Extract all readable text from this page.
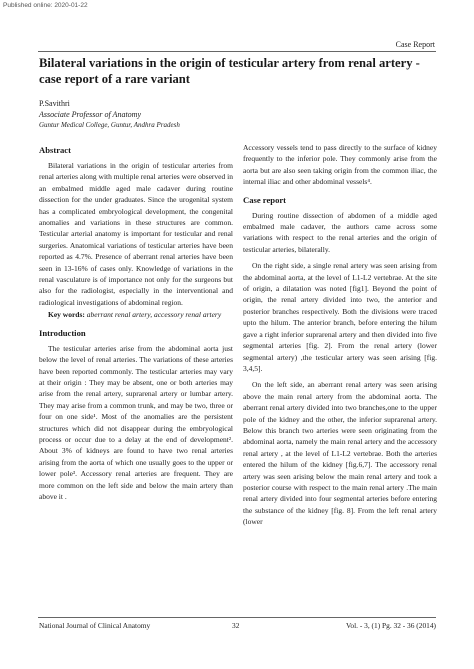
Published online: 2020-01-22
Case Report
Bilateral variations in the origin of testicular artery from renal artery - case report of a rare variant
P.Savithri
Associate Professor of Anatomy
Guntur Medical College, Guntur, Andhra Pradesh
Abstract

Bilateral variations in the origin of testicular arteries from renal arteries along with multiple renal arteries were observed in an embalmed middle aged male cadaver during routine dissection for the under graduates. Since the urogenital system has a complicated embryological development, the congenital anomalies and variations in these structures are common. Testicular arterial anatomy is important for testicular and renal surgeries. Anatomical variations of testicular arteries have been reported as 4.7%. Presence of aberrant renal arteries have been seen in 13-16% of cases only. Knowledge of variations in the renal vasculature is of importance not only for the surgeons but also for the radiologist, especially in the interventional and radiological investigations of abdominal region.

Key words: aberrant renal artery, accessory renal artery
Introduction

The testicular arteries arise from the abdominal aorta just below the level of renal arteries. The variations of these arteries have been reported commonly. The testicular arteries may vary at their origin : They may be absent, one or both arteries may arise from the renal artery, suprarenal artery or lumbar artery. They may arise from a common trunk, and may be two, three or four on one side¹. Most of the anomalies are the persistent structures which did not disappear during the embryological process or occur due to a delay at the end of development². About 3% of kidneys are found to have two renal arteries arising from the aorta of which one usually goes to the upper or lower pole³. Accessory renal arteries are frequent. They are more common on the left side and below the main artery than above it .

Accessory vessels tend to pass directly to the surface of kidney frequently to the inferior pole. They commonly arise from the aorta but are also seen taking origin from the common iliac, the internal iliac and other abdominal vessels⁴.

Case report

During routine dissection of abdomen of a middle aged embalmed male cadaver, the authors came across some variations with respect to the renal arteries and the origin of testicular arteries, bilaterally.

On the right side, a single renal artery was seen arising from the abdominal aorta, at the level of L1-L2 vertebrae. At the site of origin, a dilatation was noted [fig1]. Beyond the point of origin, the renal artery divided into two, the anterior and posterior branches respectively. Both the divisions were traced upto the hilum. The anterior branch, before entering the hilum gave a right inferior suprarenal artery and then divided into five segmental arteries [fig. 2]. From the renal artery (lower segmental artery) ,the testicular artery was seen arising [fig. 3,4,5].

On the left side, an aberrant renal artery was seen arising above the main renal artery from the abdominal aorta. The aberrant renal artery divided into two branches,one to the upper pole of the kidney and the other, the inferior suprarenal artery. Below this branch two arteries were seen originating from the abdominal aorta, namely the main renal artery and the accessory renal artery , at the level of L1-L2 vertebrae. Both the arteries entered the hilum of the kidney [fig.6,7]. The accessory renal artery was seen arising below the main renal artery and took a posterior course with respect to the main renal artery .The main renal artery divided into four segmental arteries before entering the substance of the kidney [fig. 8]. From the left renal artery (lower

National Journal of Clinical Anatomy	32	Vol. - 3, (1) Pg. 32 - 36 (2014)
